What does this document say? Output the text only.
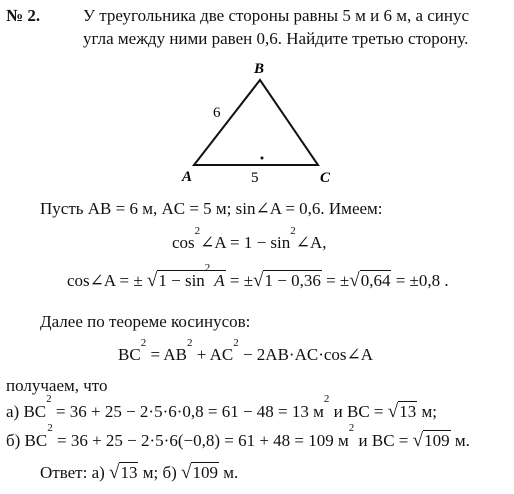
№ 2.	У треугольника две стороны равны 5 м и 6 м, а синус
угла между ними равен 0,6. Найдите третью сторону.
A
B
C
6
5
Пусть AB = 6 м, AC = 5 м; sin∠A = 0,6. Имеем:
$\cos^2\angle A = 1$ − $\sin^2\angle A$,
cos∠A = ± $√1 - \sin^2 A = \pm√1 - 0,36 = \pm√0,64 = \pm 0,8$ .
Далее по теореме косинусов:
$BC^2 = AB^2 + AC^2$ − 2AB·AC·cos∠A
получаем, что
а) $BC^2 = 36 + 25 - 2\cdot 5\cdot 6\cdot 0,8 = 61 - 48 = 13$ $м^2$ и BC = √13 м;
б) $BC^2 = 36 + 25 - 2\cdot 5\cdot 6(-0,8) = 61 + 48 = 109$ $м^2$ и BC = √109 м.
Ответ: а) √13 м; б) √109 м.
